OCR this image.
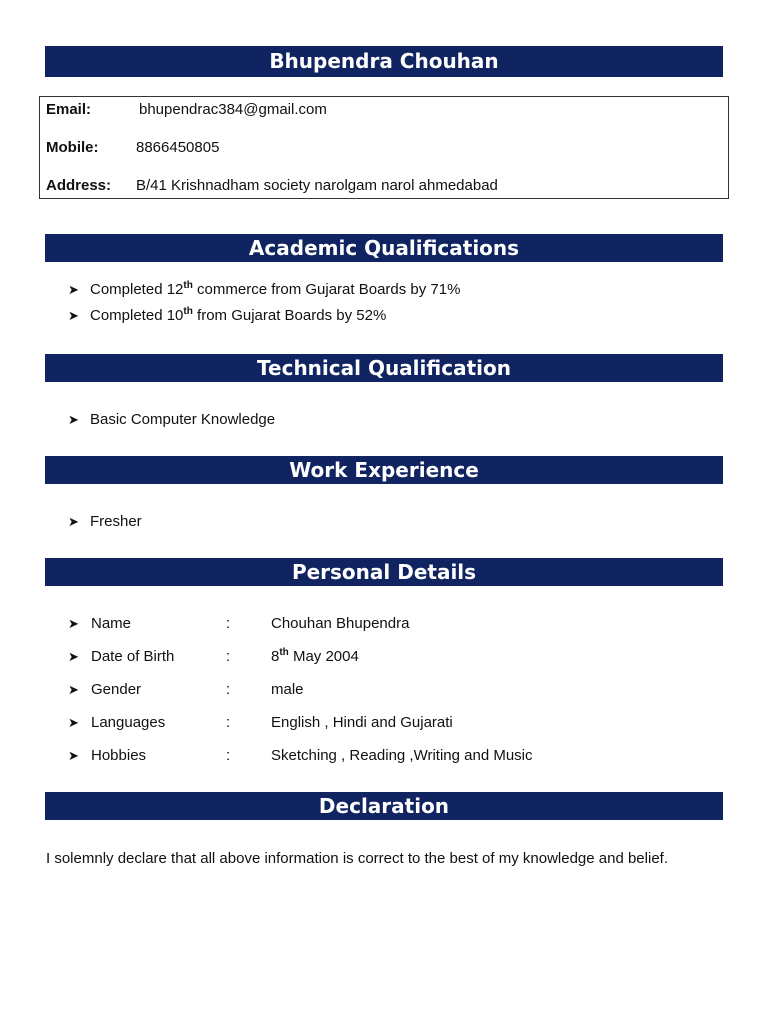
Bhupendra Chouhan
Email:	bhupendrac384@gmail.com
Mobile:	8866450805
Address: B/41 Krishnadham society narolgam narol ahmedabad
Academic Qualifications
➤ Completed 12th commerce from Gujarat Boards by 71%
➤ Completed 10th from Gujarat Boards by 52%
Technical Qualification
➤ Basic Computer Knowledge
Work Experience
➤ Fresher
Personal Details
➤ Name	:	Chouhan Bhupendra
➤ Date of Birth	:	8th May 2004
➤ Gender	:	male
➤ Languages	:	English , Hindi and Gujarati
➤ Hobbies	:	Sketching , Reading ,Writing and Music
Declaration
I solemnly declare that all above information is correct to the best of my knowledge and belief.
